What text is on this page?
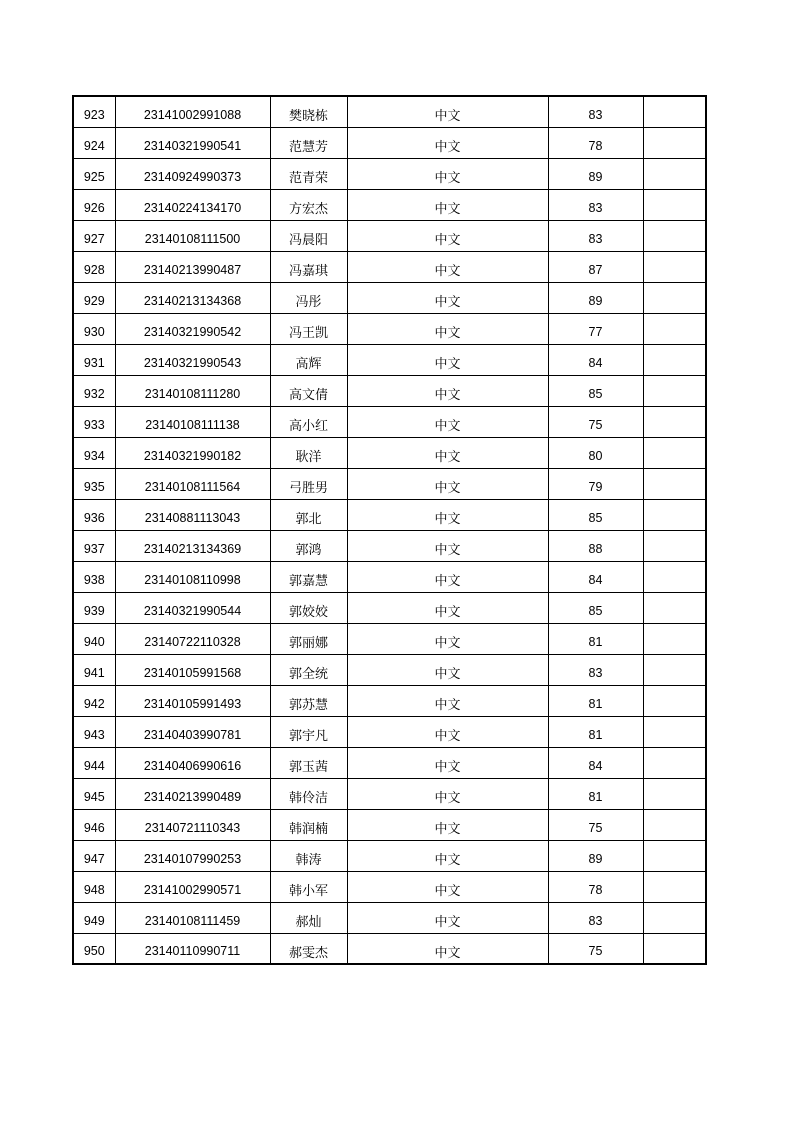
923	23141002991088	樊晓栋	中文	83	
924	23140321990541	范慧芳	中文	78	
925	23140924990373	范青荣	中文	89	
926	23140224134170	方宏杰	中文	83	
927	23140108111500	冯晨阳	中文	83	
928	23140213990487	冯嘉琪	中文	87	
929	23140213134368	冯彤	中文	89	
930	23140321990542	冯王凯	中文	77	
931	23140321990543	高辉	中文	84	
932	23140108111280	高文倩	中文	85	
933	23140108111138	高小红	中文	75	
934	23140321990182	耿洋	中文	80	
935	23140108111564	弓胜男	中文	79	
936	23140881113043	郭北	中文	85	
937	23140213134369	郭鸿	中文	88	
938	23140108110998	郭嘉慧	中文	84	
939	23140321990544	郭姣姣	中文	85	
940	23140722110328	郭丽娜	中文	81	
941	23140105991568	郭全统	中文	83	
942	23140105991493	郭苏慧	中文	81	
943	23140403990781	郭宇凡	中文	81	
944	23140406990616	郭玉茜	中文	84	
945	23140213990489	韩伶洁	中文	81	
946	23140721110343	韩润楠	中文	75	
947	23140107990253	韩涛	中文	89	
948	23141002990571	韩小军	中文	78	
949	23140108111459	郝灿	中文	83	
950	23140110990711	郝雯杰	中文	75	
